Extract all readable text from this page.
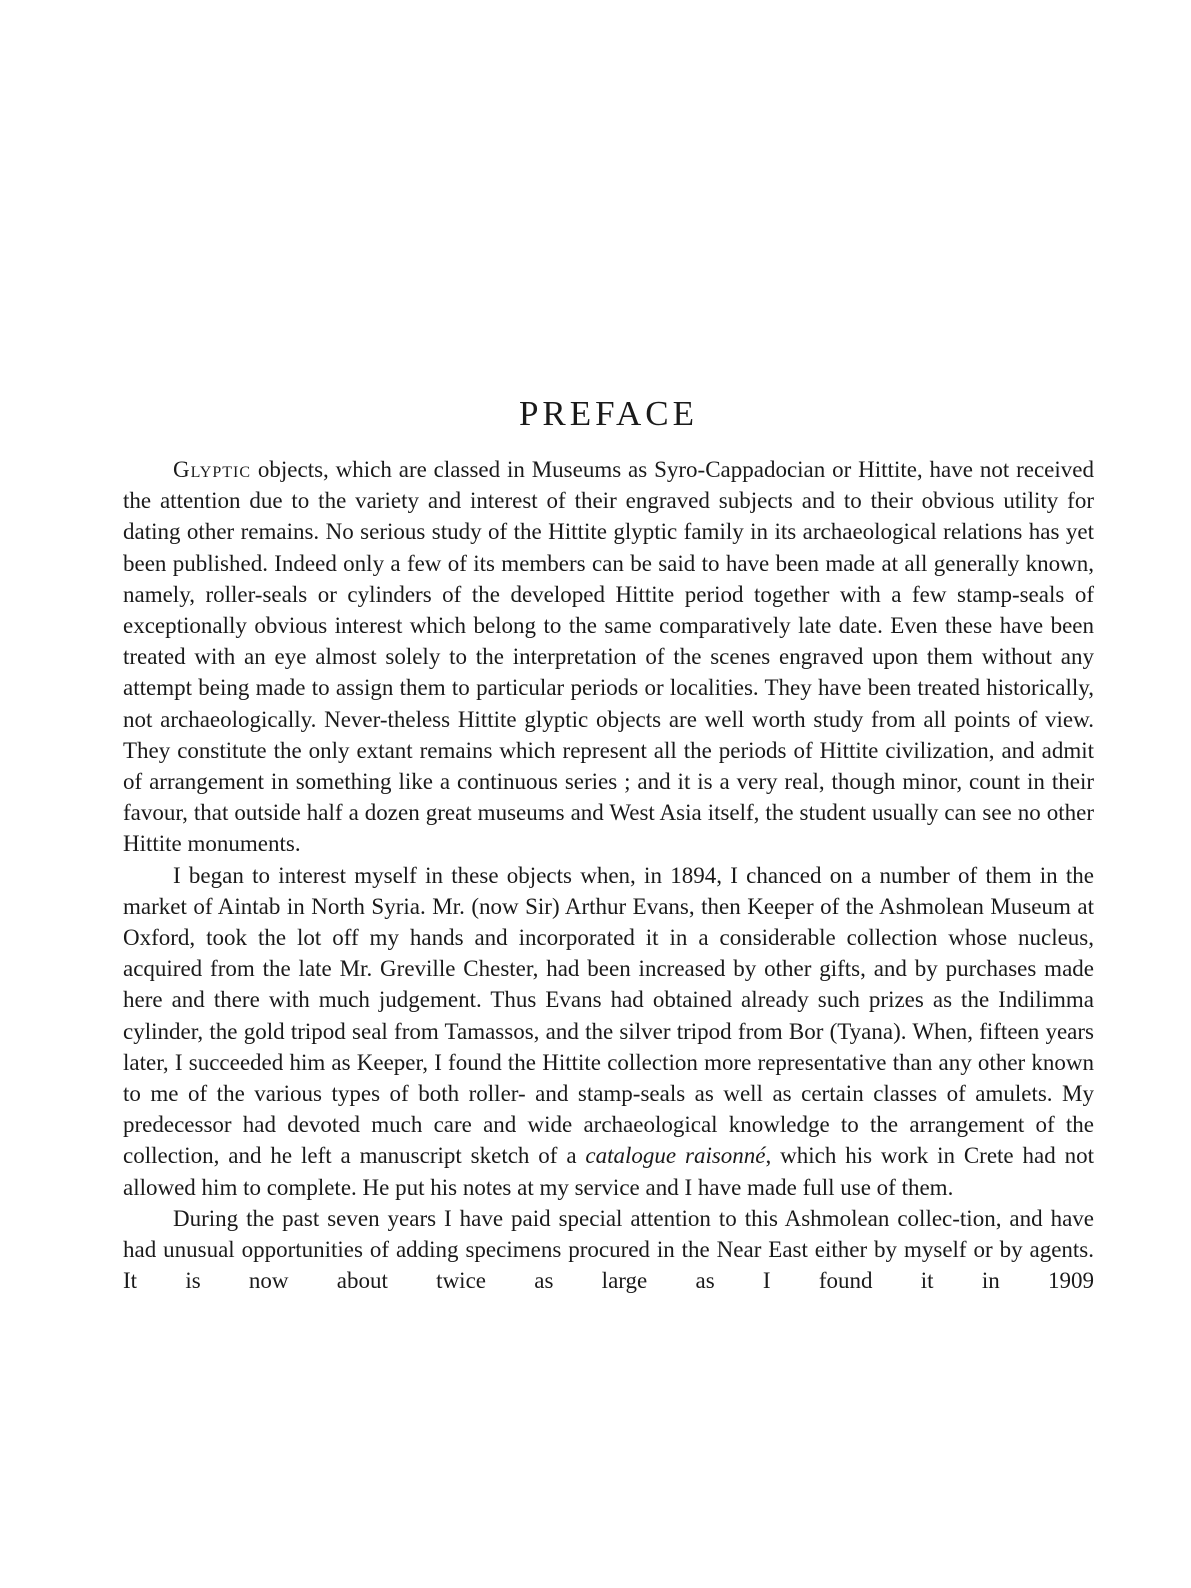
PREFACE

Glyptic objects, which are classed in Museums as Syro-Cappadocian or Hittite, have not received the attention due to the variety and interest of their engraved subjects and to their obvious utility for dating other remains. No serious study of the Hittite glyptic family in its archaeological relations has yet been published. Indeed only a few of its members can be said to have been made at all generally known, namely, roller-seals or cylinders of the developed Hittite period together with a few stamp-seals of exceptionally obvious interest which belong to the same comparatively late date. Even these have been treated with an eye almost solely to the interpretation of the scenes engraved upon them without any attempt being made to assign them to particular periods or localities. They have been treated historically, not archaeologically. Never-theless Hittite glyptic objects are well worth study from all points of view. They constitute the only extant remains which represent all the periods of Hittite civilization, and admit of arrangement in something like a continuous series ; and it is a very real, though minor, count in their favour, that outside half a dozen great museums and West Asia itself, the student usually can see no other Hittite monuments.

I began to interest myself in these objects when, in 1894, I chanced on a number of them in the market of Aintab in North Syria. Mr. (now Sir) Arthur Evans, then Keeper of the Ashmolean Museum at Oxford, took the lot off my hands and incorporated it in a considerable collection whose nucleus, acquired from the late Mr. Greville Chester, had been increased by other gifts, and by purchases made here and there with much judgement. Thus Evans had obtained already such prizes as the Indilimma cylinder, the gold tripod seal from Tamassos, and the silver tripod from Bor (Tyana). When, fifteen years later, I succeeded him as Keeper, I found the Hittite collection more representative than any other known to me of the various types of both roller- and stamp-seals as well as certain classes of amulets. My predecessor had devoted much care and wide archaeological knowledge to the arrangement of the collection, and he left a manuscript sketch of a catalogue raisonné, which his work in Crete had not allowed him to complete. He put his notes at my service and I have made full use of them.

During the past seven years I have paid special attention to this Ashmolean collec-tion, and have had unusual opportunities of adding specimens procured in the Near East either by myself or by agents. It is now about twice as large as I found it in 1909
